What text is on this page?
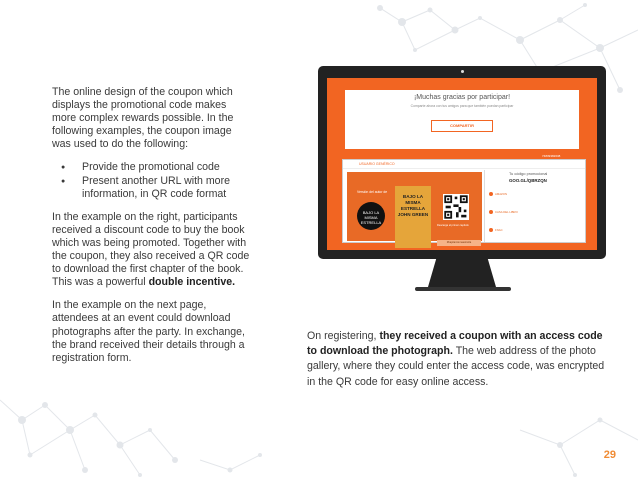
The online design of the coupon which displays the promotional code makes more complex rewards possible. In the following examples, the coupon image was used to do the following:

● Provide the promotional code
● Present another URL with more information, in QR code format

In the example on the right, participants received a discount code to buy the book which was being promoted. Together with the coupon, they also received a QR code to download the first chapter of the book. This was a powerful double incentive.

In the example on the next page, attendees at an event could download photographs after the party. In exchange, the brand received their details through a registration form.

¡Muchas gracias por participar!
Comparte ahora con tus amigos para que también puedan participar
COMPARTIR
74839382638
USUARIO GENÉRICO
Versión del autor de
BAJO LA MISMA ESTRELLA
BAJO LA MISMA ESTRELLA JOHN GREEN
Descarga el primer capítulo
#bajolamismaestrella
Tu código promocional
GOO.GL/QBRZQN
AMAZON CASA DEL LIBRO FNAC EL CORTE INGLÉS
On registering, they received a coupon with an access code to download the photograph. The web address of the photo gallery, where they could enter the access code, was encrypted in the QR code for easy online access.
29
